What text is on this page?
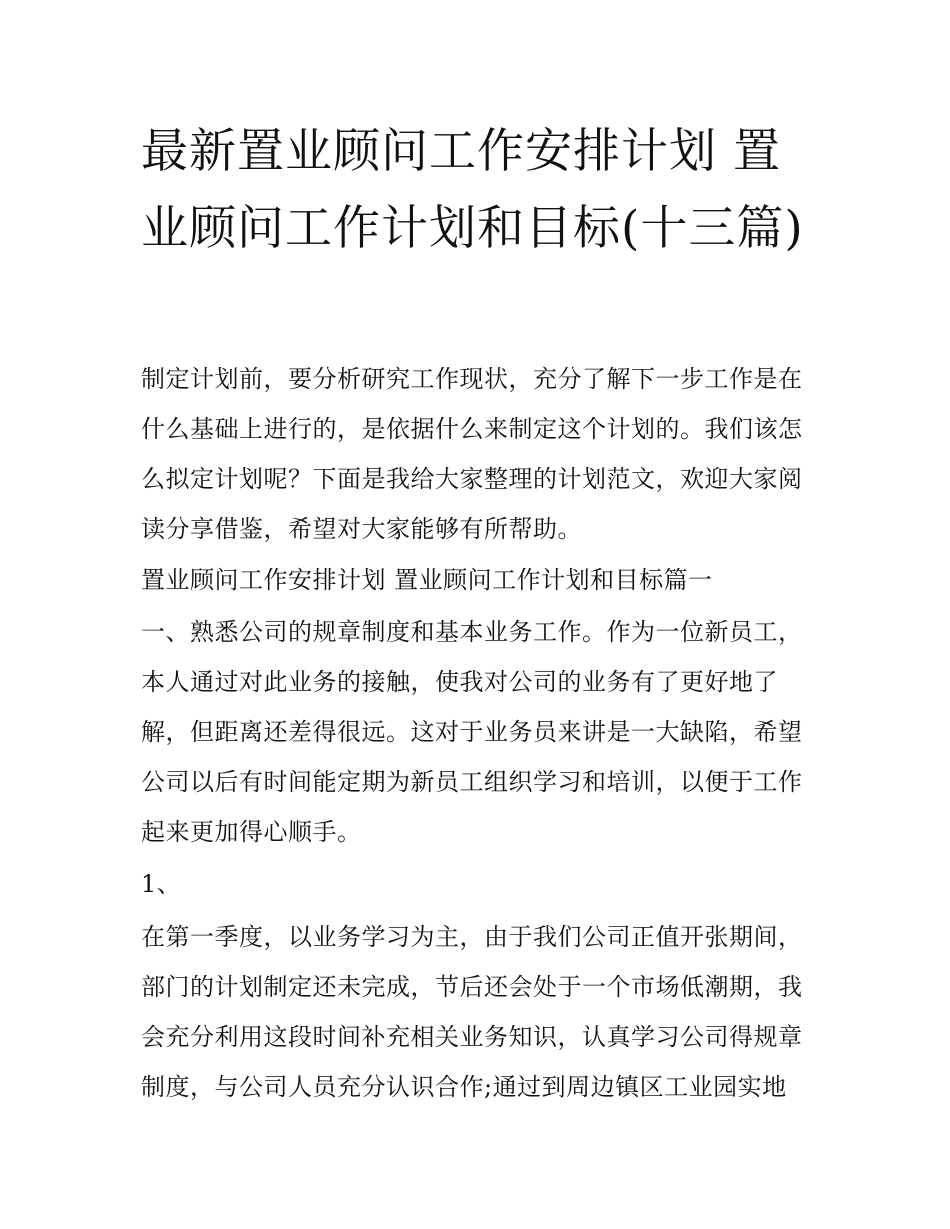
最新置业顾问工作安排计划 置业顾问工作计划和目标(十三篇)

制定计划前，要分析研究工作现状，充分了解下一步工作是在

什么基础上进行的，是依据什么来制定这个计划的。我们该怎

么拟定计划呢？下面是我给大家整理的计划范文，欢迎大家阅

读分享借鉴，希望对大家能够有所帮助。

置业顾问工作安排计划 置业顾问工作计划和目标篇一

一、熟悉公司的规章制度和基本业务工作。作为一位新员工，

本人通过对此业务的接触，使我对公司的业务有了更好地了

解，但距离还差得很远。这对于业务员来讲是一大缺陷，希望

公司以后有时间能定期为新员工组织学习和培训，以便于工作

起来更加得心顺手。

1、

在第一季度，以业务学习为主，由于我们公司正值开张期间，

部门的计划制定还未完成，节后还会处于一个市场低潮期，我

会充分利用这段时间补充相关业务知识，认真学习公司得规章

制度，与公司人员充分认识合作;通过到周边镇区工业园实地
